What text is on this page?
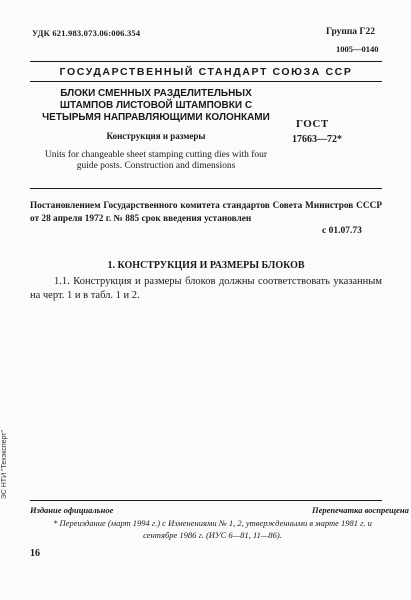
УДК 621.983.073.06:006.354	Группа Г22
1005—0140
ГОСУДАРСТВЕННЫЙ СТАНДАРТ СОЮЗА ССР
БЛОКИ СМЕННЫХ РАЗДЕЛИТЕЛЬНЫХ ШТАМПОВ ЛИСТОВОЙ ШТАМПОВКИ С ЧЕТЫРЬМЯ НАПРАВЛЯЮЩИМИ КОЛОНКАМИ
Конструкция и размеры
Units for changeable sheet stamping cutting dies with four guide posts. Construction and dimensions
ГОСТ
17663—72*
Постановлением Государственного комитета стандартов Совета Министров СССР от 28 апреля 1972 г. № 885 срок введения установлен
с 01.07.73
1. КОНСТРУКЦИЯ И РАЗМЕРЫ БЛОКОВ
1.1. Конструкция и размеры блоков должны соответствовать указанным на черт. 1 и в табл. 1 и 2.
Издание официальное	Перепечатка воспрещена
* Переиздание (март 1994 г.) с Изменениями № 1, 2, утвержденными в марте 1981 г. и сентябре 1986 г. (ИУС 6—81, 11—86).
16
ЭС НТИ "Техэксперт"
